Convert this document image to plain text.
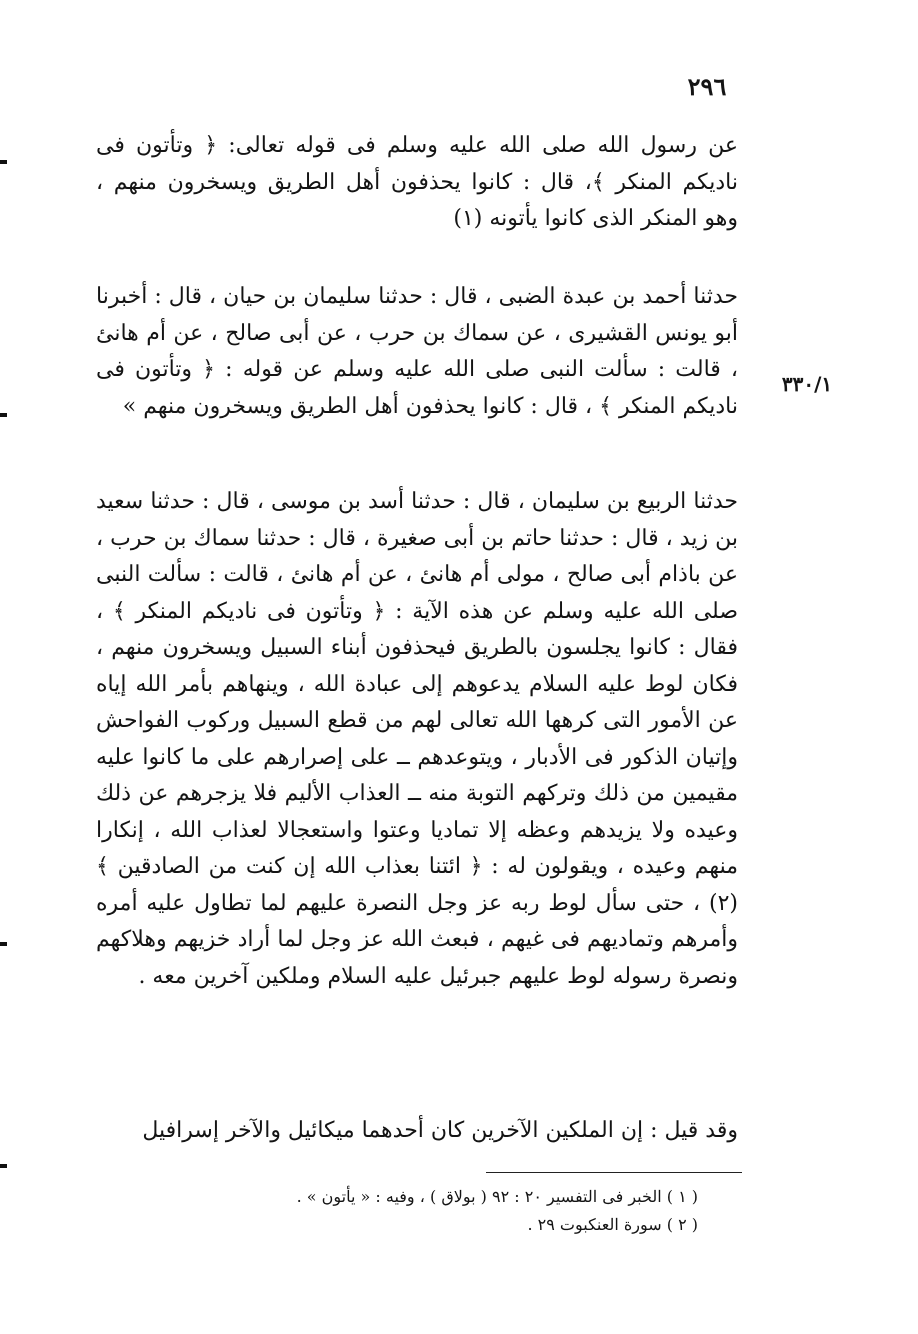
٢٩٦

عن رسول الله صلى الله عليه وسلم فى قوله تعالى: ﴿ وتأتون فى ناديكم المنكر ﴾، قال : كانوا يحذفون أهل الطريق ويسخرون منهم ، وهو المنكر الذى كانوا يأتونه (١)

حدثنا أحمد بن عبدة الضبى ، قال : حدثنا سليمان بن حيان ، قال : أخبرنا أبو يونس القشيرى ، عن سماك بن حرب ، عن أبى صالح ، عن أم هانئ ، قالت : سألت النبى صلى الله عليه وسلم عن قوله : ﴿ وتأتون فى ناديكم المنكر ﴾ ، قال : كانوا يحذفون أهل الطريق ويسخرون منهم »

٣٣٠/١

حدثنا الربيع بن سليمان ، قال : حدثنا أسد بن موسى ، قال : حدثنا سعيد بن زيد ، قال : حدثنا حاتم بن أبى صغيرة ، قال : حدثنا سماك بن حرب ، عن باذام أبى صالح ، مولى أم هانئ ، عن أم هانئ ، قالت : سألت النبى صلى الله عليه وسلم عن هذه الآية : ﴿ وتأتون فى ناديكم المنكر ﴾ ، فقال : كانوا يجلسون بالطريق فيحذفون أبناء السبيل ويسخرون منهم ، فكان لوط عليه السلام يدعوهم إلى عبادة الله ، وينهاهم بأمر الله إياه عن الأمور التى كرهها الله تعالى لهم من قطع السبيل وركوب الفواحش وإتيان الذكور فى الأدبار ، ويتوعدهم ــ على إصرارهم على ما كانوا عليه مقيمين من ذلك وتركهم التوبة منه ــ العذاب الأليم فلا يزجرهم عن ذلك وعيده ولا يزيدهم وعظه إلا تماديا وعتوا واستعجالا لعذاب الله ، إنكارا منهم وعيده ، ويقولون له : ﴿ ائتنا بعذاب الله إن كنت من الصادقين ﴾ (٢) ، حتى سأل لوط ربه عز وجل النصرة عليهم لما تطاول عليه أمره وأمرهم وتماديهم فى غيهم ، فبعث الله عز وجل لما أراد خزيهم وهلاكهم ونصرة رسوله لوط عليهم جبرئيل عليه السلام وملكين آخرين معه .

وقد قيل : إن الملكين الآخرين كان أحدهما ميكائيل والآخر إسرافيل

( ١ ) الخبر فى التفسير ٢٠ : ٩٢ ( بولاق ) ، وفيه : « يأتون » .
( ٢ ) سورة العنكبوت ٢٩ .
